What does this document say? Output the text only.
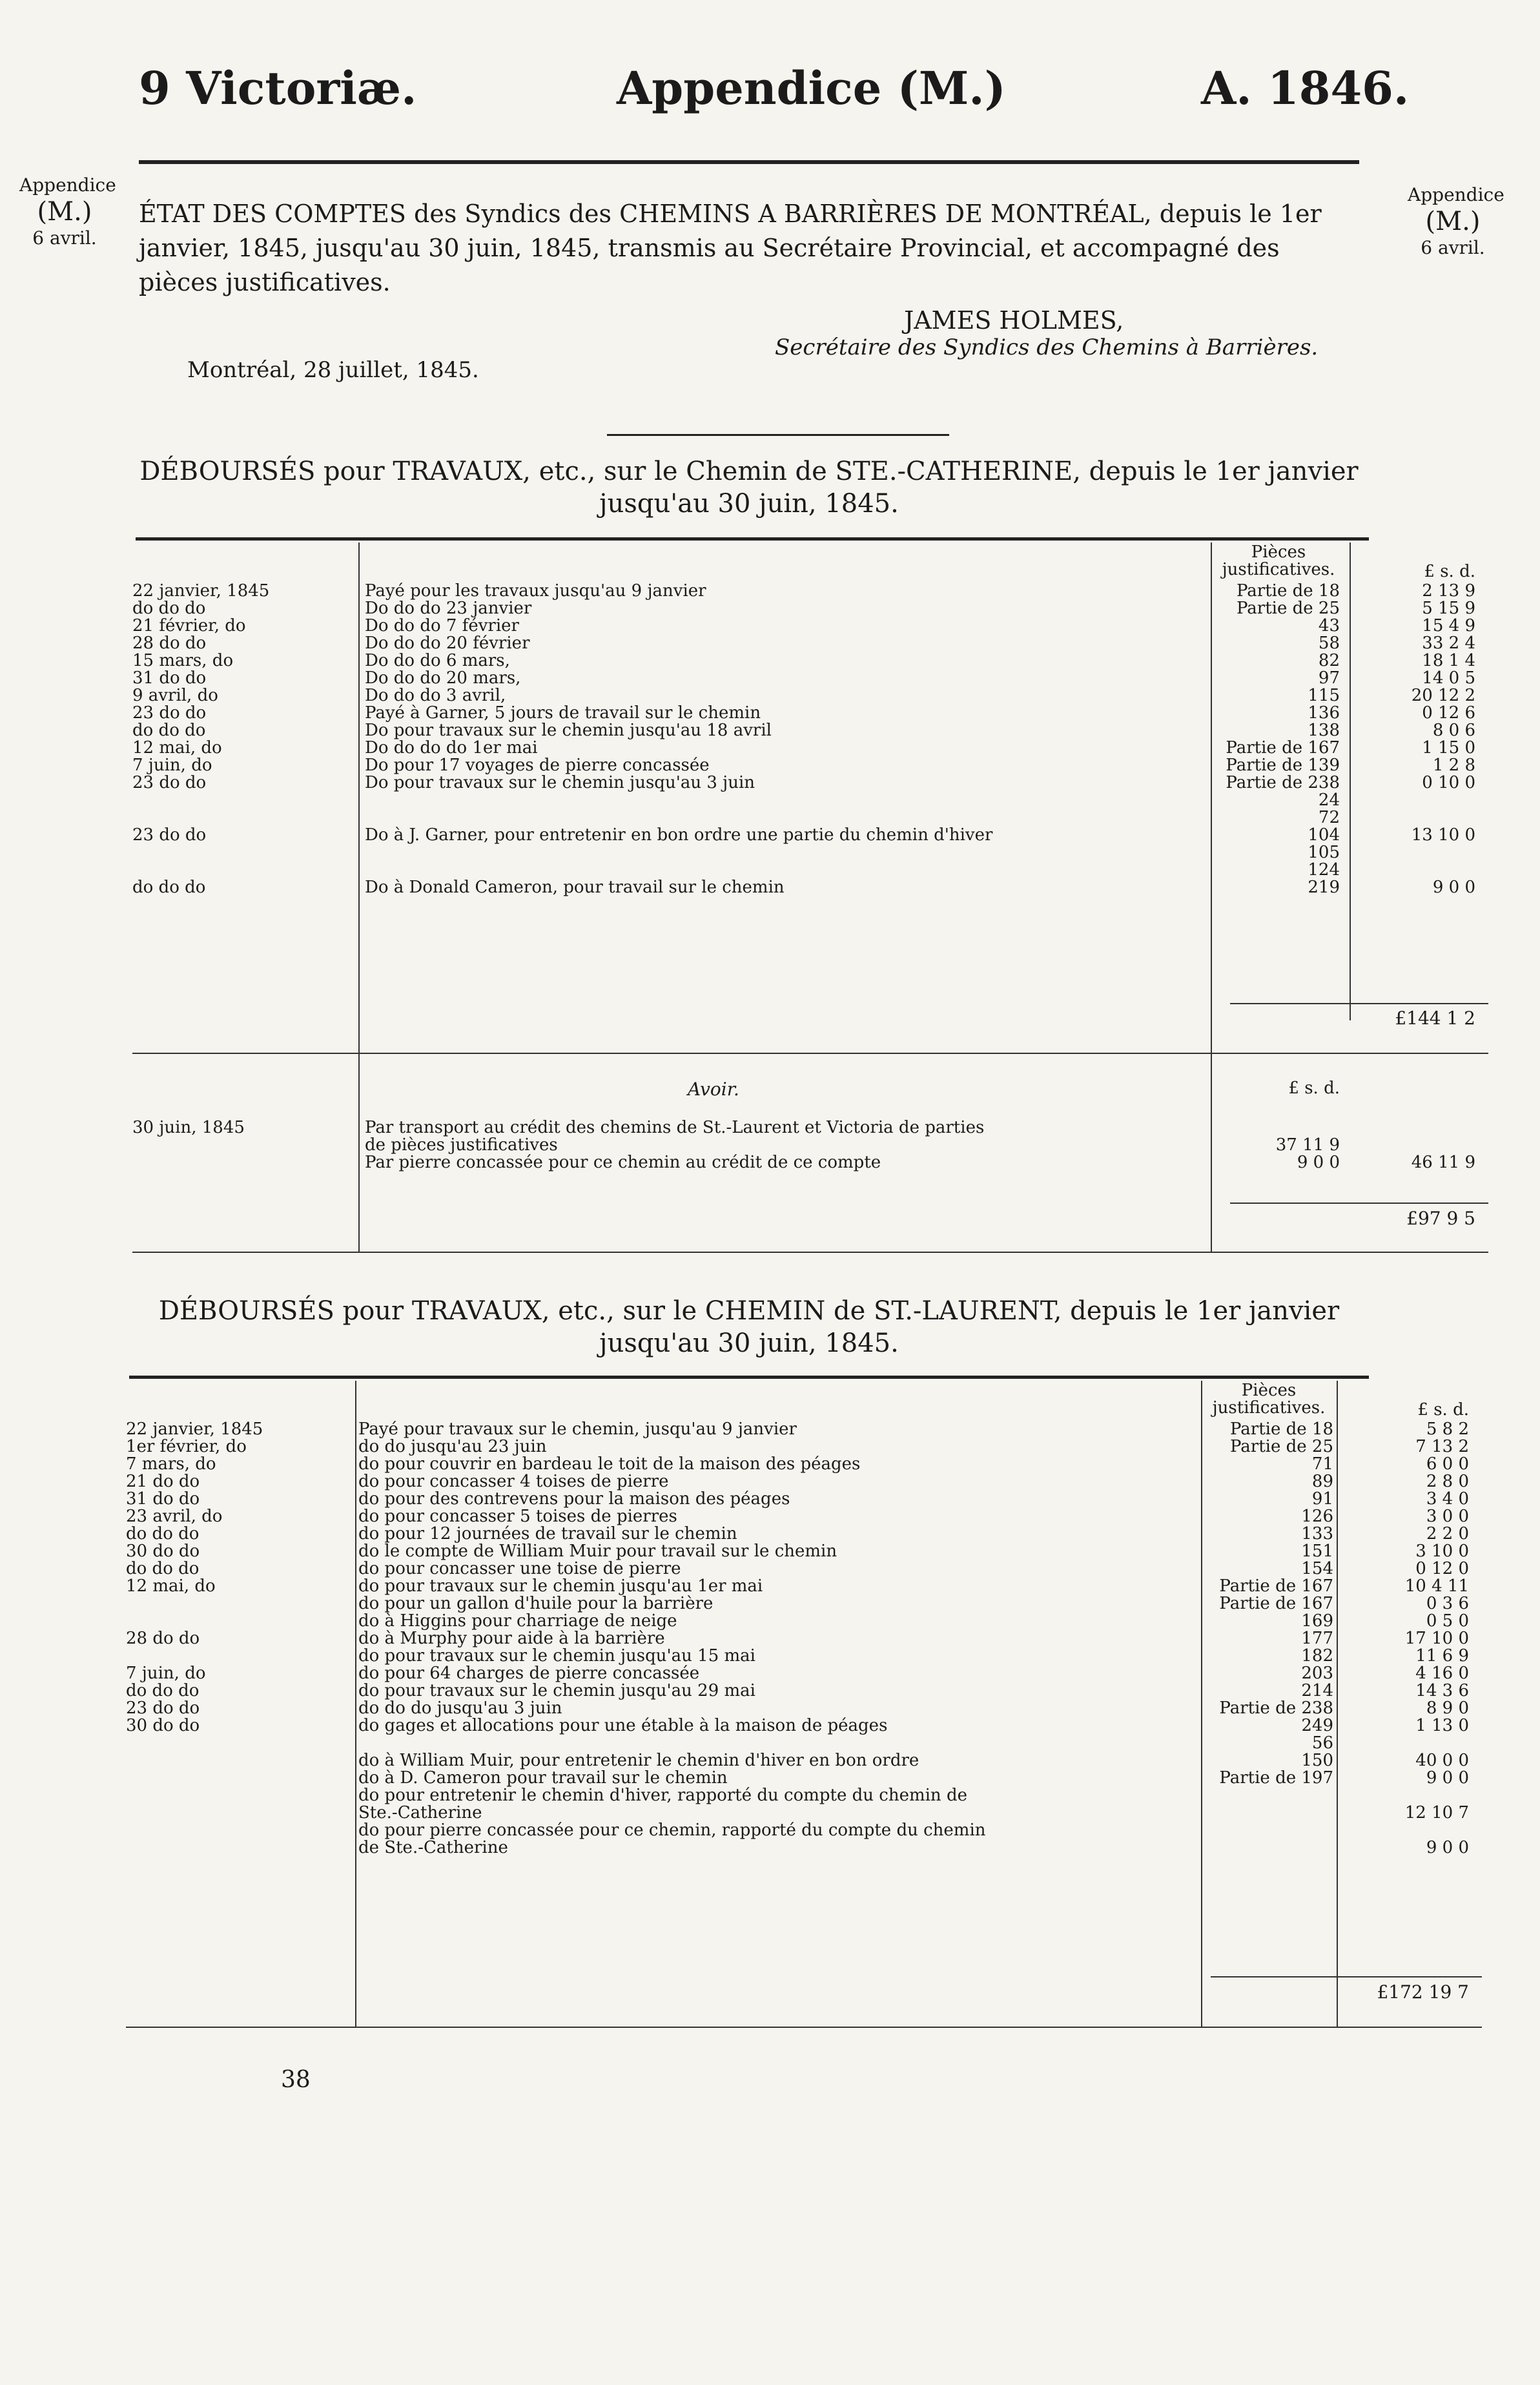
9 Victoriæ.	Appendice (M.)	A. 1846.
Appendice
(M.)
6 avril.
Appendice
(M.)
6 avril.
ÉTAT DES COMPTES des Syndics des CHEMINS A BARRIÈRES DE MONTRÉAL, depuis le 1er janvier, 1845, jusqu'au 30 juin, 1845, transmis au Secrétaire Provincial, et accompagné des pièces justificatives.
JAMES HOLMES,
Secrétaire des Syndics des Chemins à Barrières.
Montréal, 28 juillet, 1845.
DÉBOURSÉS pour TRAVAUX, etc., sur le Chemin de STE.-CATHERINE, depuis le 1er janvier jusqu'au 30 juin, 1845.
Pièces justificatives.	£ s. d.
22 janvier, 1845	Payé pour les travaux jusqu'au 9 janvier	Partie de 18	2 13 9
do do do	Do do do 23 janvier	Partie de 25	5 15 9
21 février, do	Do do do 7 février	43	15 4 9
28 do do	Do do do 20 février	58	33 2 4
15 mars, do	Do do do 6 mars,	82	18 1 4
31 do do	Do do do 20 mars,	97	14 0 5
9 avril, do	Do do do 3 avril,	115	20 12 2
23 do do	Payé à Garner, 5 jours de travail sur le chemin	136	0 12 6
do do do	Do pour travaux sur le chemin jusqu'au 18 avril	138	8 0 6
12 mai, do	Do do do do 1er mai	Partie de 167	1 15 0
7 juin, do	Do pour 17 voyages de pierre concassée	Partie de 139	1 2 8
23 do do	Do pour travaux sur le chemin jusqu'au 3 juin	Partie de 238	0 10 0
24
72
23 do do	Do à J. Garner, pour entretenir en bon ordre une partie du chemin d'hiver	104	13 10 0
105
124
do do do	Do à Donald Cameron, pour travail sur le chemin	219	9 0 0
£144 1 2
Avoir.	£ s. d.
30 juin, 1845	Par transport au crédit des chemins de St.-Laurent et Victoria de parties
de pièces justificatives	37 11 9
Par pierre concassée pour ce chemin au crédit de ce compte	9 0 0	46 11 9
£97 9 5
DÉBOURSÉS pour TRAVAUX, etc., sur le CHEMIN de ST.-LAURENT, depuis le 1er janvier jusqu'au 30 juin, 1845.
Pièces justificatives.	£ s. d.
22 janvier, 1845	Payé pour travaux sur le chemin, jusqu'au 9 janvier	Partie de 18	5 8 2
1er février, do	do do jusqu'au 23 juin	Partie de 25	7 13 2
7 mars, do	do pour couvrir en bardeau le toit de la maison des péages	71	6 0 0
21 do do	do pour concasser 4 toises de pierre	89	2 8 0
31 do do	do pour des contrevens pour la maison des péages	91	3 4 0
23 avril, do	do pour concasser 5 toises de pierres	126	3 0 0
do do do	do pour 12 journées de travail sur le chemin	133	2 2 0
30 do do	do le compte de William Muir pour travail sur le chemin	151	3 10 0
do do do	do pour concasser une toise de pierre	154	0 12 0
12 mai, do	do pour travaux sur le chemin jusqu'au 1er mai	Partie de 167	10 4 11
do pour un gallon d'huile pour la barrière	Partie de 167	0 3 6
do à Higgins pour charriage de neige	169	0 5 0
28 do do	do à Murphy pour aide à la barrière	177	17 10 0
do pour travaux sur le chemin jusqu'au 15 mai	182	11 6 9
7 juin, do	do pour 64 charges de pierre concassée	203	4 16 0
do do do	do pour travaux sur le chemin jusqu'au 29 mai	214	14 3 6
23 do do	do do do jusqu'au 3 juin	Partie de 238	8 9 0
30 do do	do gages et allocations pour une étable à la maison de péages	249	1 13 0
56
do à William Muir, pour entretenir le chemin d'hiver en bon ordre	150	40 0 0
do à D. Cameron pour travail sur le chemin	Partie de 197	9 0 0
do pour entretenir le chemin d'hiver, rapporté du compte du chemin de
Ste.-Catherine	12 10 7
do pour pierre concassée pour ce chemin, rapporté du compte du chemin
de Ste.-Catherine	9 0 0
£172 19 7
38
